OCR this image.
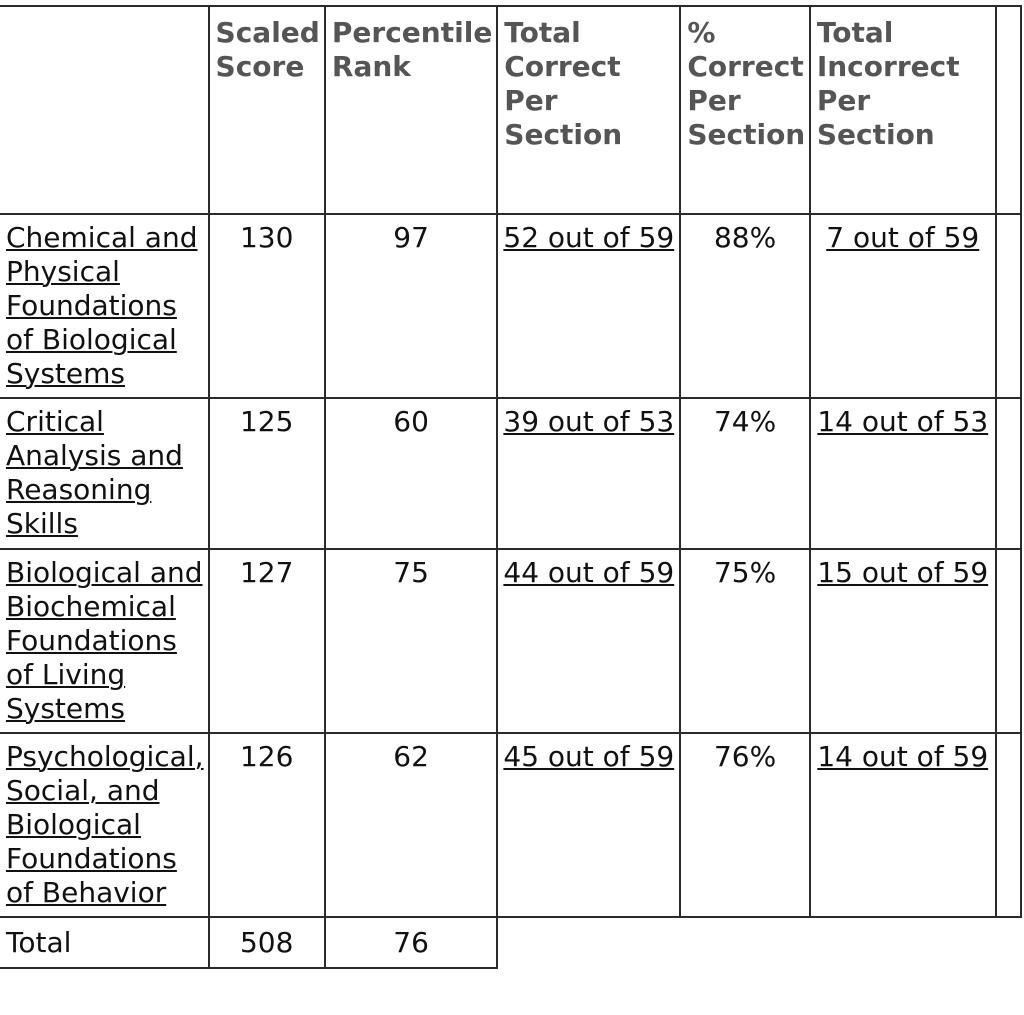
	Scaled Score	Percentile Rank	Total Correct Per Section	% Correct Per Section	Total Incorrect Per Section	
Chemical and Physical Foundations of Biological Systems	130	97	52 out of 59	88%	7 out of 59	
Critical Analysis and Reasoning Skills	125	60	39 out of 53	74%	14 out of 53	
Biological and Biochemical Foundations of Living Systems	127	75	44 out of 59	75%	15 out of 59	
Psychological, Social, and Biological Foundations of Behavior	126	62	45 out of 59	76%	14 out of 59	
Total	508	76				
